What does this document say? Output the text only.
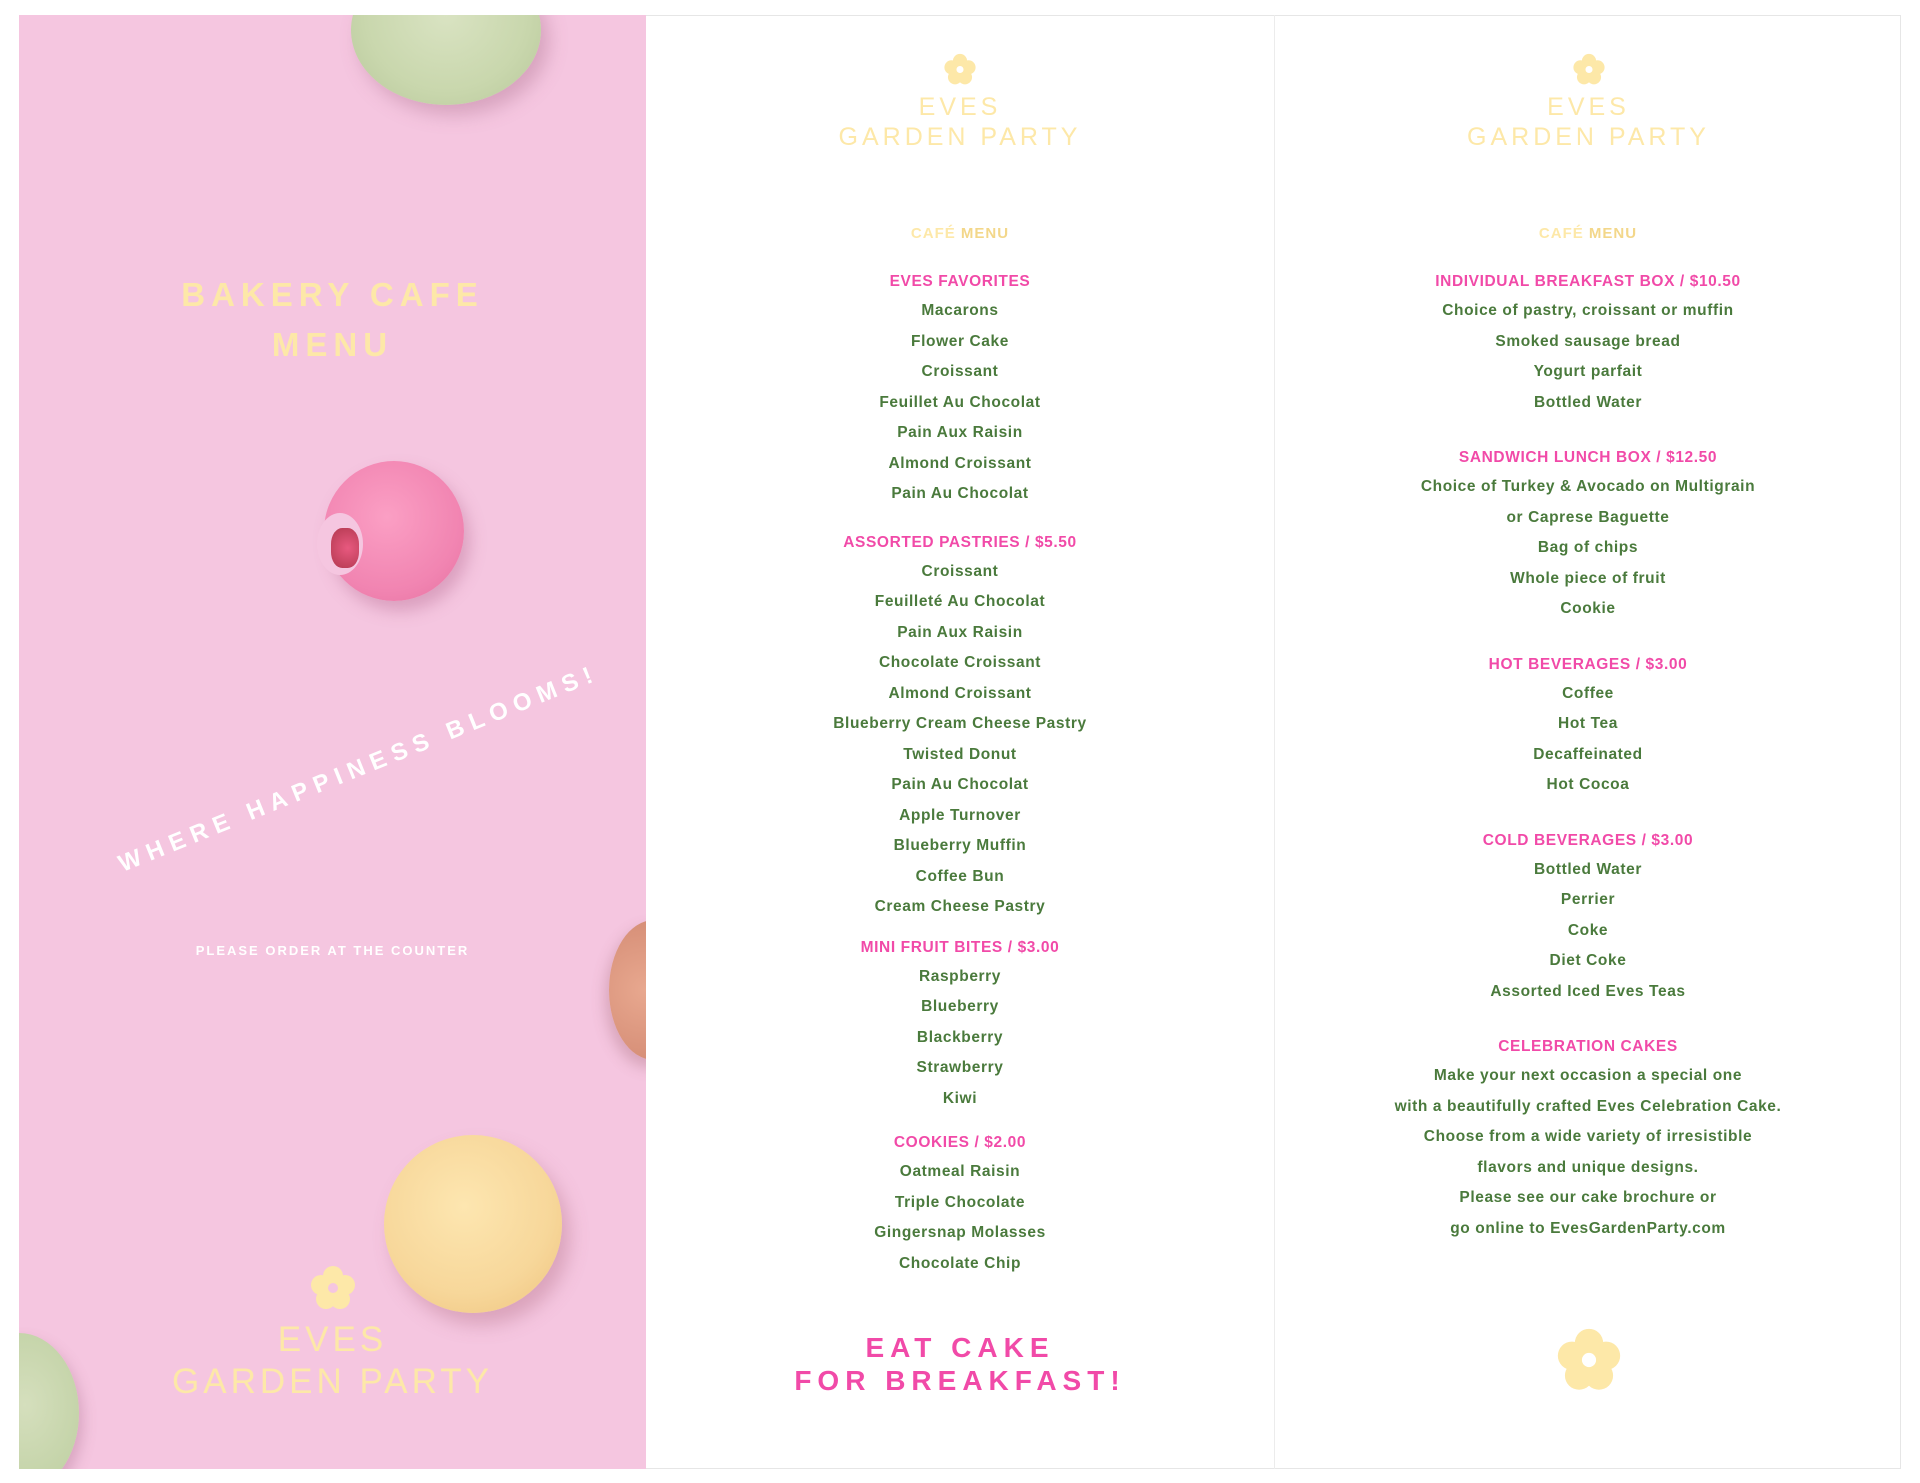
BAKERY CAFE
MENU
WHERE HAPPINESS BLOOMS!
PLEASE ORDER AT THE COUNTER
EVES
GARDEN PARTY
EVES
GARDEN PARTY
CAFÉ MENU
EVES FAVORITES
Macarons
Flower Cake
Croissant
Feuillet Au Chocolat
Pain Aux Raisin
Almond Croissant
Pain Au Chocolat
ASSORTED PASTRIES / $5.50
Croissant
Feuilleté Au Chocolat
Pain Aux Raisin
Chocolate Croissant
Almond Croissant
Blueberry Cream Cheese Pastry
Twisted Donut
Pain Au Chocolat
Apple Turnover
Blueberry Muffin
Coffee Bun
Cream Cheese Pastry
MINI FRUIT BITES / $3.00
Raspberry
Blueberry
Blackberry
Strawberry
Kiwi
COOKIES / $2.00
Oatmeal Raisin
Triple Chocolate
Gingersnap Molasses
Chocolate Chip
EAT CAKE
FOR BREAKFAST!
EVES
GARDEN PARTY
CAFÉ MENU
INDIVIDUAL BREAKFAST BOX / $10.50
Choice of pastry, croissant or muffin
Smoked sausage bread
Yogurt parfait
Bottled Water
SANDWICH LUNCH BOX / $12.50
Choice of Turkey & Avocado on Multigrain
or Caprese Baguette
Bag of chips
Whole piece of fruit
Cookie
HOT BEVERAGES / $3.00
Coffee
Hot Tea
Decaffeinated
Hot Cocoa
COLD BEVERAGES / $3.00
Bottled Water
Perrier
Coke
Diet Coke
Assorted Iced Eves Teas
CELEBRATION CAKES
Make your next occasion a special one
with a beautifully crafted Eves Celebration Cake.
Choose from a wide variety of irresistible
flavors and unique designs.
Please see our cake brochure or
go online to EvesGardenParty.com
